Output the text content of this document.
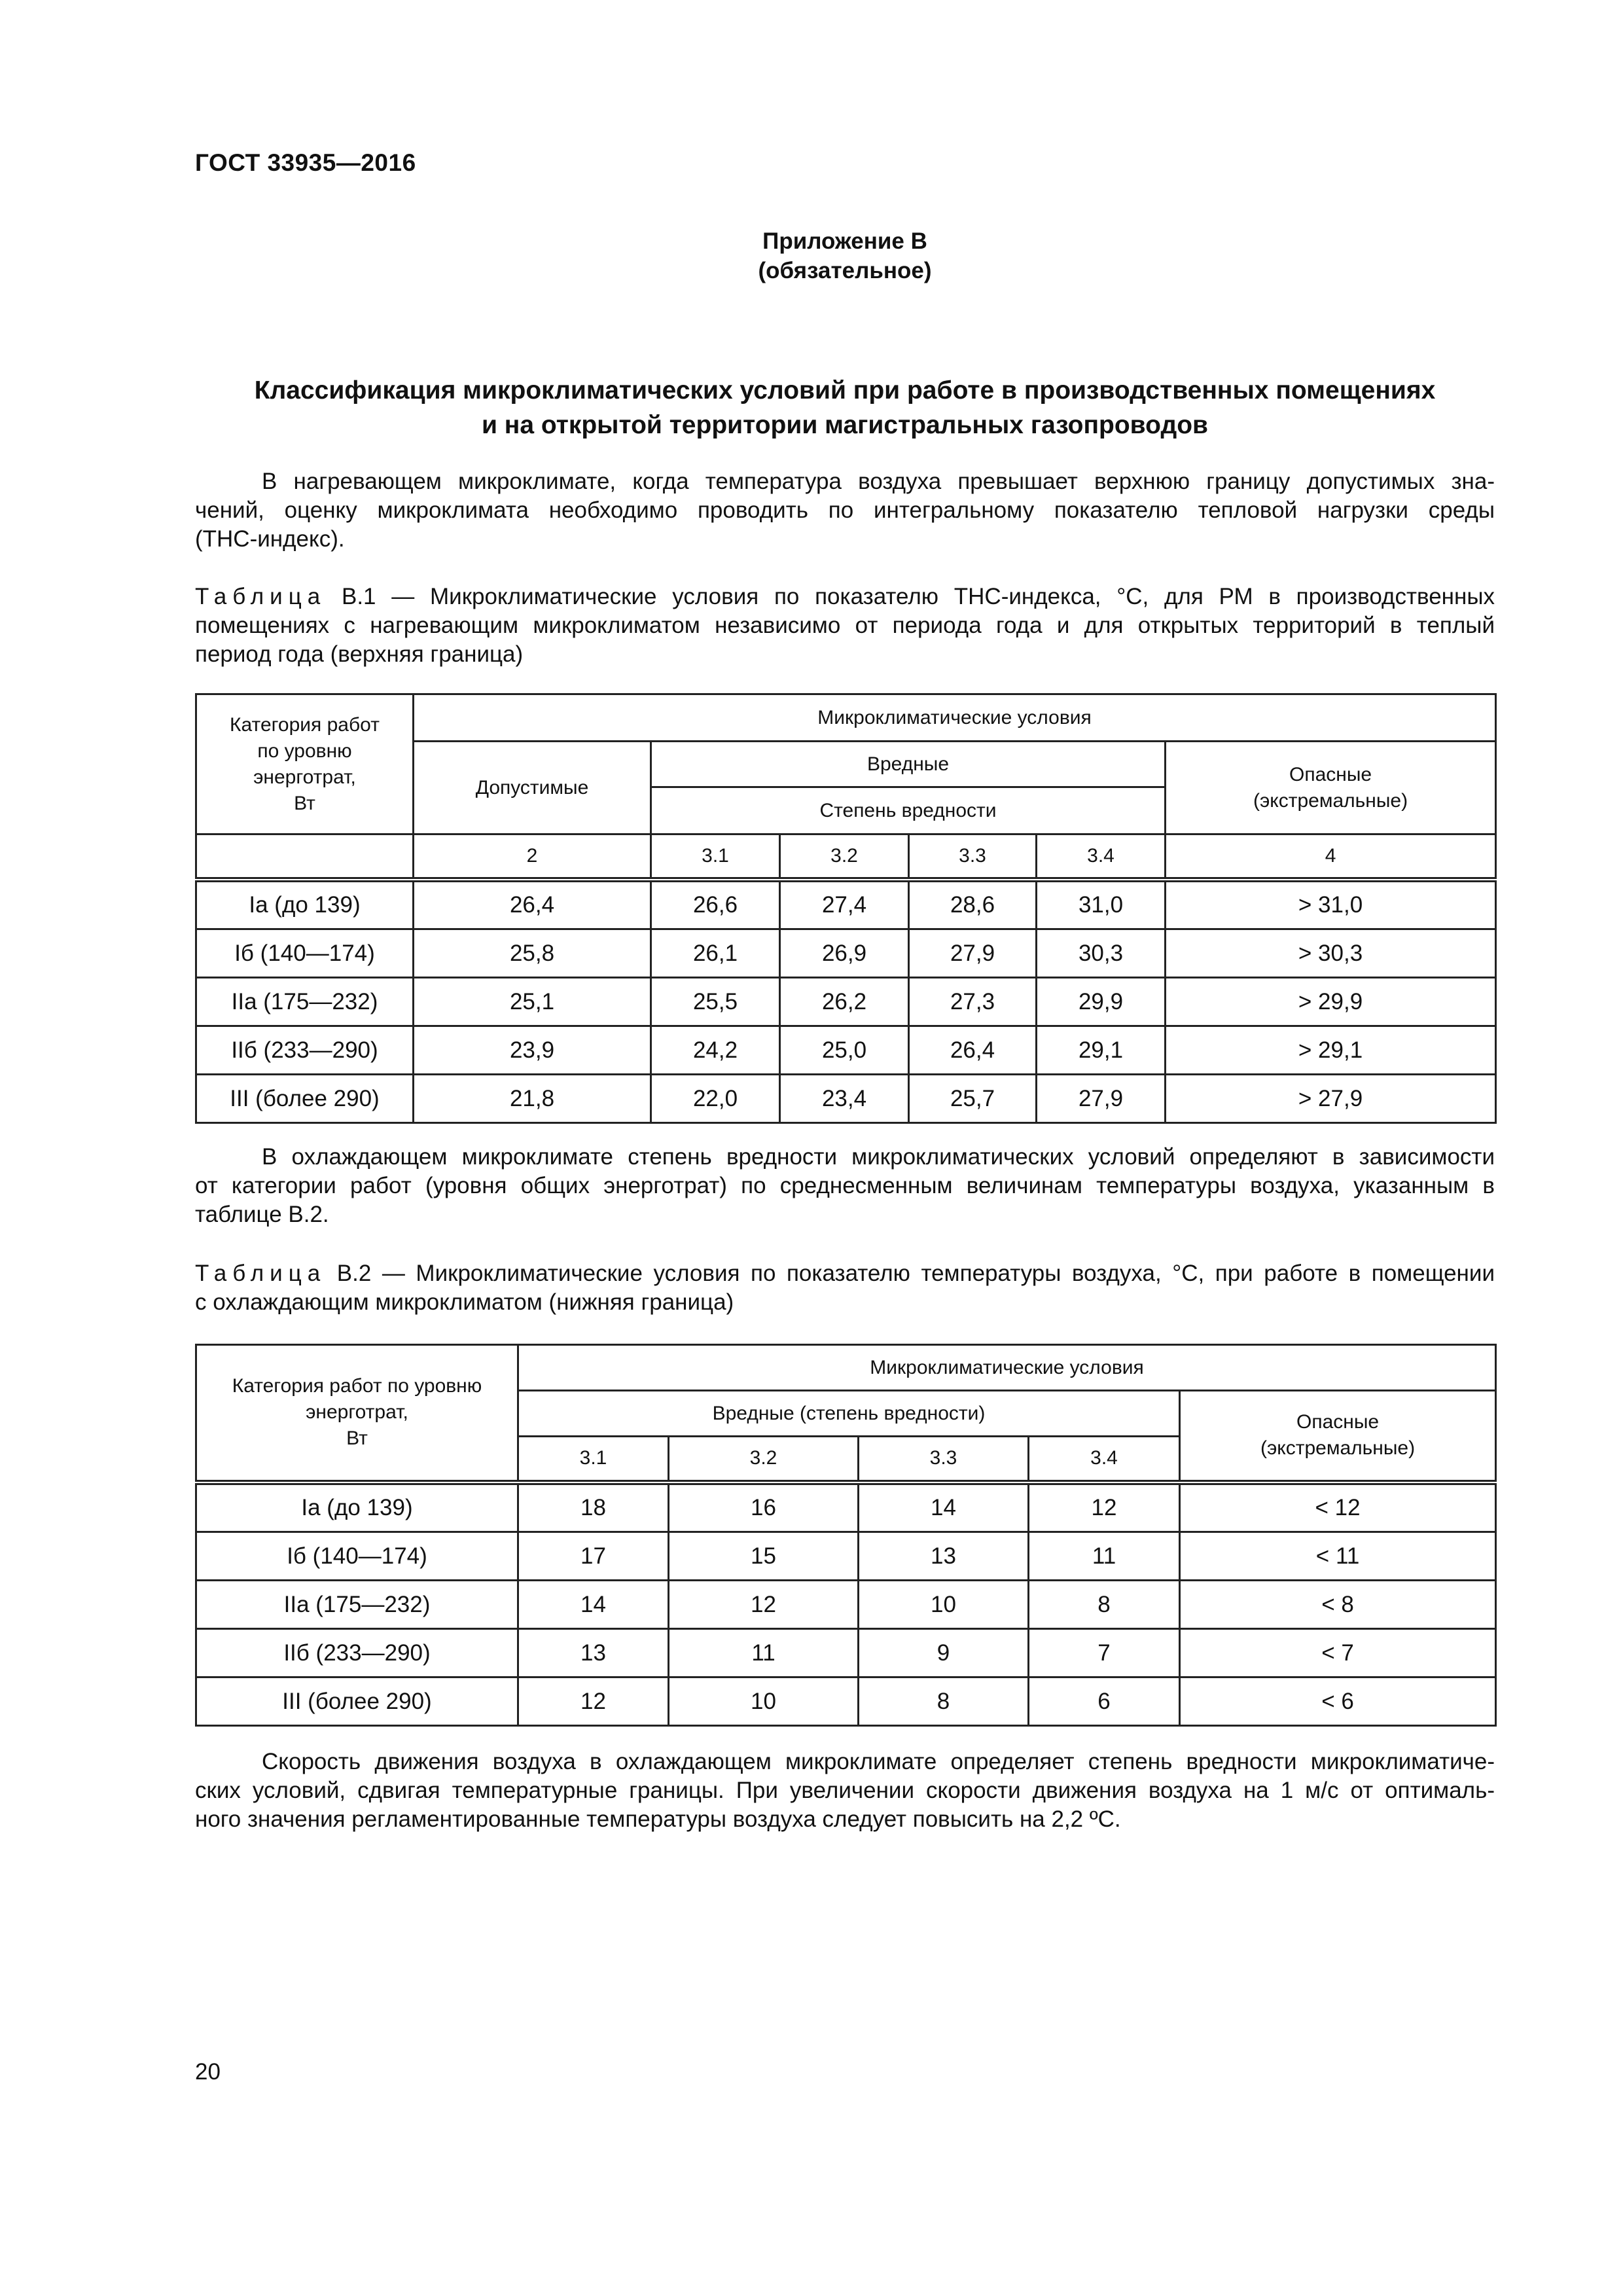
ГОСТ 33935—2016
Приложение В
(обязательное)
Классификация микроклиматических условий при работе в производственных помещениях
и на открытой территории магистральных газопроводов
В нагревающем микроклимате, когда температура воздуха превышает верхнюю границу допустимых зна-
чений, оценку микроклимата необходимо проводить по интегральному показателю тепловой нагрузки среды
(ТНС-индекс).
Таблица В.1 — Микроклиматические условия по показателю ТНС-индекса, °С, для РМ в производственных
помещениях с нагревающим микроклиматом независимо от периода года и для открытых территорий в теплый
период года (верхняя граница)
Категория работ
по уровню
энерготрат,
Вт	Микроклиматические условия					
	Допустимые	Вредные				Опасные
(экстремальные)

		Степень вредности				
	2	3.1	3.2	3.3	3.4	4
Iа (до 139)	26,4	26,6	27,4	28,6	31,0	> 31,0
Iб (140—174)	25,8	26,1	26,9	27,9	30,3	> 30,3
IIа (175—232)	25,1	25,5	26,2	27,3	29,9	> 29,9
IIб (233—290)	23,9	24,2	25,0	26,4	29,1	> 29,1
III (более 290)	21,8	22,0	23,4	25,7	27,9	> 27,9
В охлаждающем микроклимате степень вредности микроклиматических условий определяют в зависимости
от категории работ (уровня общих энерготрат) по среднесменным величинам температуры воздуха, указанным в
таблице В.2.
Таблица В.2 — Микроклиматические условия по показателю температуры воздуха, °С, при работе в помещении
с охлаждающим микроклиматом (нижняя граница)
Категория работ по уровню
энерготрат,
Вт	Микроклиматические условия				
	Вредные (степень вредности)				Опасные
(экстремальные)

	3.1	3.2	3.3	3.4	
Iа (до 139)	18	16	14	12	< 12
Iб (140—174)	17	15	13	11	< 11
IIа (175—232)	14	12	10	8	< 8
IIб (233—290)	13	11	9	7	< 7
III (более 290)	12	10	8	6	< 6
Скорость движения воздуха в охлаждающем микроклимате определяет степень вредности микроклиматиче-
ских условий, сдвигая температурные границы. При увеличении скорости движения воздуха на 1 м/с от оптималь-
ного значения регламентированные температуры воздуха следует повысить на 2,2 ºС.
20
